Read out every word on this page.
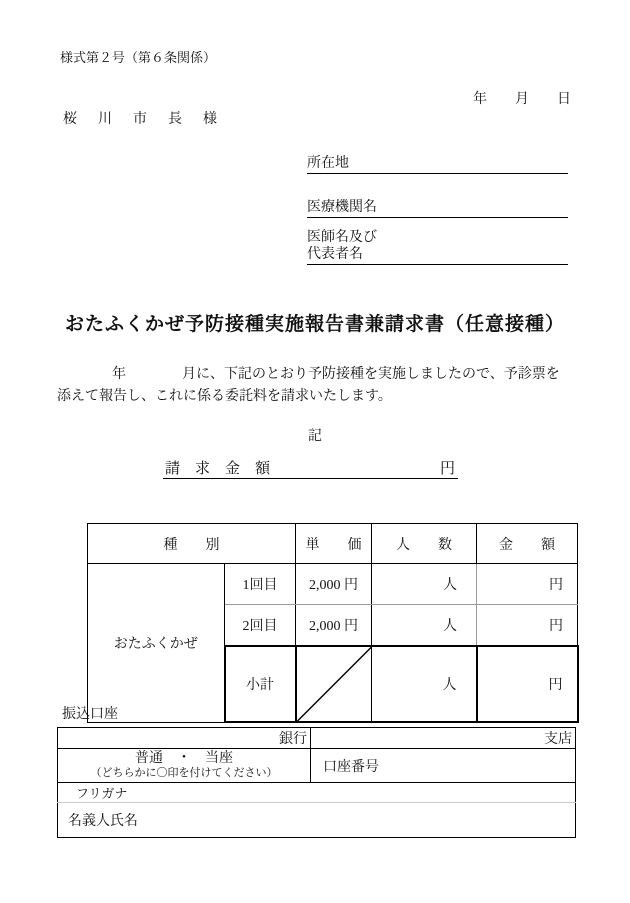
様式第２号（第６条関係）
年　　月　　日
桜川市長様
所在地
医療機関名
医師名及び
代表者名
おたふくかぜ予防接種実施報告書兼請求書（任意接種）
年　　　　月に、下記のとおり予防接種を実施しましたので、予診票を
添えて報告し、これに係る委託料を請求いたします。
記
請求金額	円
種　　別		単　　価	人　　数	金　　額
おたふくかぜ	1回目	2,000 円	人	円
	2回目	2,000 円	人	円
	小計		人	円
振込口座
銀行	支店
普通　・　当座
（どちらかに〇印を付けてください）	口座番号
フリガナ	
名義人氏名	
